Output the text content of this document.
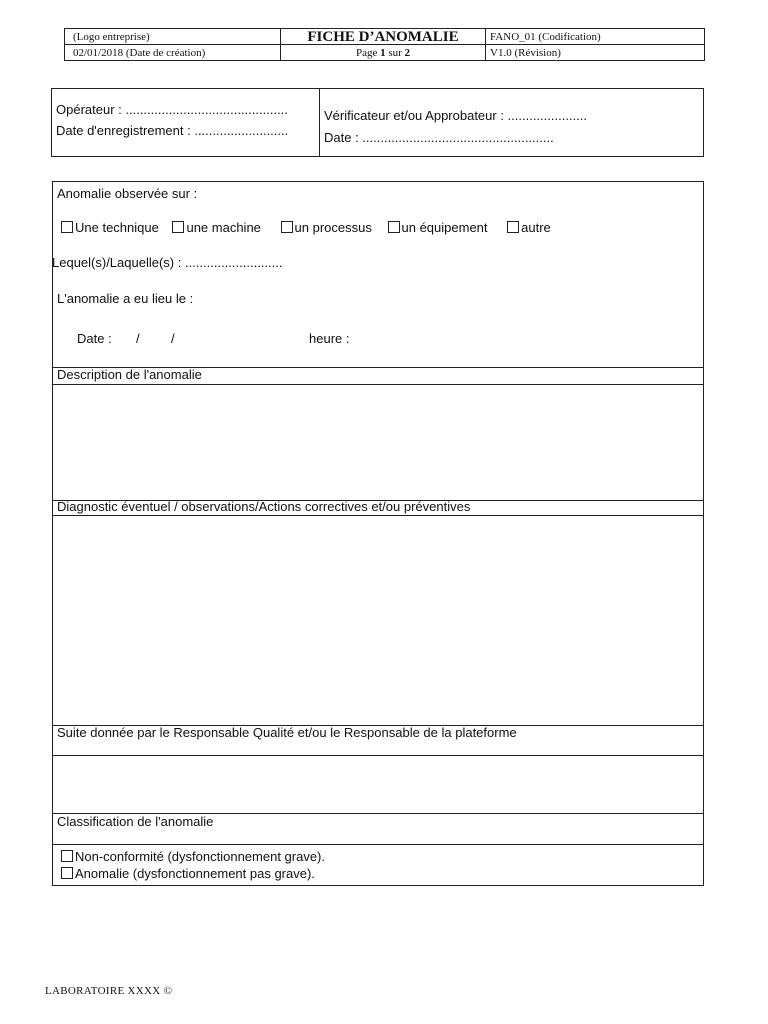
(Logo entreprise)	FICHE D’ANOMALIE	FANO_01 (Codification)
02/01/2018 (Date de création)	Page 1 sur 2	V1.0 (Révision)
Opérateur : .............................................
Date d'enregistrement : ..........................
Vérificateur et/ou Approbateur : ......................
Date : .....................................................
Anomalie observée sur :
Une technique une machine	un processus un équipement	autre
Lequel(s)/Laquelle(s) : ...........................
L'anomalie a eu lieu le :
Date : / /	heure :
Description de l'anomalie
Diagnostic éventuel / observations/Actions correctives et/ou préventives
Suite donnée par le Responsable Qualité et/ou le Responsable de la plateforme
Classification de l'anomalie
Non-conformité (dysfonctionnement grave).
Anomalie (dysfonctionnement pas grave).
LABORATOIRE XXXX ©
